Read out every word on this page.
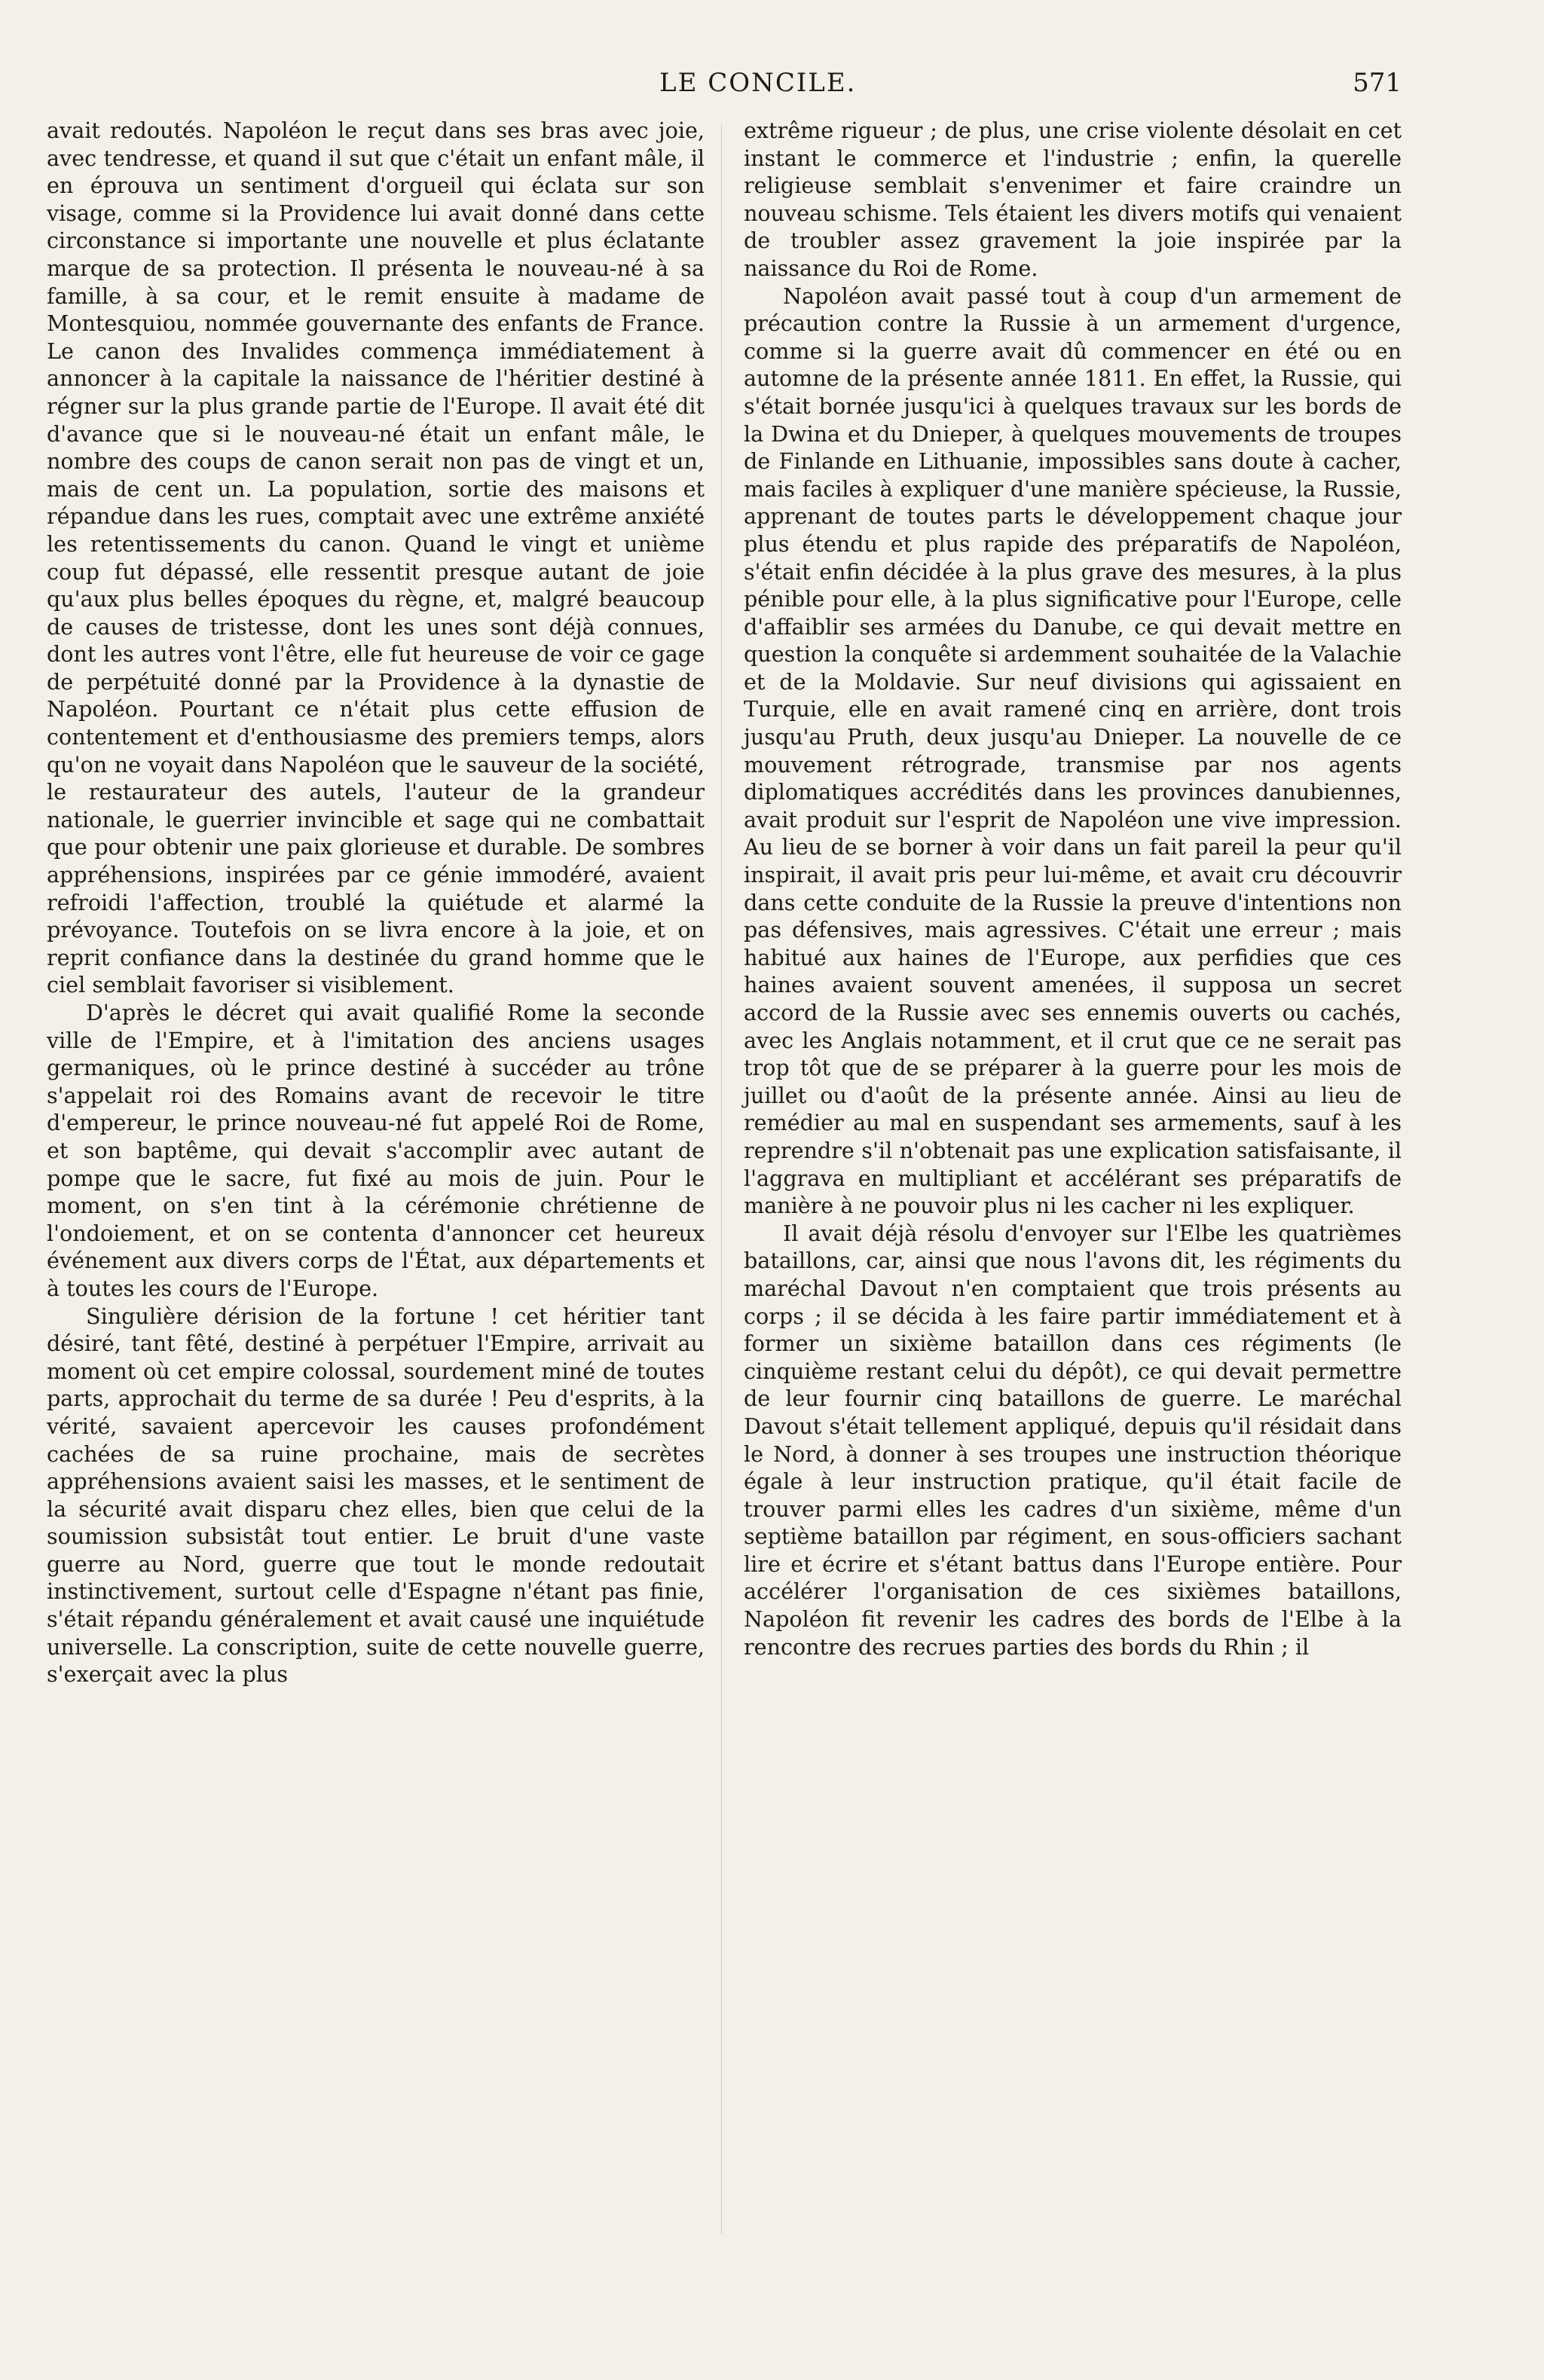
LE CONCILE.	571

avait redoutés. Napoléon le reçut dans ses bras avec joie, avec tendresse, et quand il sut que c'était un enfant mâle, il en éprouva un sentiment d'orgueil qui éclata sur son visage, comme si la Providence lui avait donné dans cette circonstance si importante une nouvelle et plus éclatante marque de sa protection. Il présenta le nouveau-né à sa famille, à sa cour, et le remit ensuite à madame de Montesquiou, nommée gouvernante des enfants de France. Le canon des Invalides commença immédiatement à annoncer à la capitale la naissance de l'héritier destiné à régner sur la plus grande partie de l'Europe. Il avait été dit d'avance que si le nouveau-né était un enfant mâle, le nombre des coups de canon serait non pas de vingt et un, mais de cent un. La population, sortie des maisons et répandue dans les rues, comptait avec une extrême anxiété les retentissements du canon. Quand le vingt et unième coup fut dépassé, elle ressentit presque autant de joie qu'aux plus belles époques du règne, et, malgré beaucoup de causes de tristesse, dont les unes sont déjà connues, dont les autres vont l'être, elle fut heureuse de voir ce gage de perpétuité donné par la Providence à la dynastie de Napoléon. Pourtant ce n'était plus cette effusion de contentement et d'enthousiasme des premiers temps, alors qu'on ne voyait dans Napoléon que le sauveur de la société, le restaurateur des autels, l'auteur de la grandeur nationale, le guerrier invincible et sage qui ne combattait que pour obtenir une paix glorieuse et durable. De sombres appréhensions, inspirées par ce génie immodéré, avaient refroidi l'affection, troublé la quiétude et alarmé la prévoyance. Toutefois on se livra encore à la joie, et on reprit confiance dans la destinée du grand homme que le ciel semblait favoriser si visiblement.

D'après le décret qui avait qualifié Rome la seconde ville de l'Empire, et à l'imitation des anciens usages germaniques, où le prince destiné à succéder au trône s'appelait roi des Romains avant de recevoir le titre d'empereur, le prince nouveau-né fut appelé Roi de Rome, et son baptême, qui devait s'accomplir avec autant de pompe que le sacre, fut fixé au mois de juin. Pour le moment, on s'en tint à la cérémonie chrétienne de l'ondoiement, et on se contenta d'annoncer cet heureux événement aux divers corps de l'État, aux départements et à toutes les cours de l'Europe.

Singulière dérision de la fortune ! cet héritier tant désiré, tant fêté, destiné à perpétuer l'Empire, arrivait au moment où cet empire colossal, sourdement miné de toutes parts, approchait du terme de sa durée ! Peu d'esprits, à la vérité, savaient apercevoir les causes profondément cachées de sa ruine prochaine, mais de secrètes appréhensions avaient saisi les masses, et le sentiment de la sécurité avait disparu chez elles, bien que celui de la soumission subsistât tout entier. Le bruit d'une vaste guerre au Nord, guerre que tout le monde redoutait instinctivement, surtout celle d'Espagne n'étant pas finie, s'était répandu généralement et avait causé une inquiétude universelle. La conscription, suite de cette nouvelle guerre, s'exerçait avec la plus

extrême rigueur ; de plus, une crise violente désolait en cet instant le commerce et l'industrie ; enfin, la querelle religieuse semblait s'envenimer et faire craindre un nouveau schisme. Tels étaient les divers motifs qui venaient de troubler assez gravement la joie inspirée par la naissance du Roi de Rome.

Napoléon avait passé tout à coup d'un armement de précaution contre la Russie à un armement d'urgence, comme si la guerre avait dû commencer en été ou en automne de la présente année 1811. En effet, la Russie, qui s'était bornée jusqu'ici à quelques travaux sur les bords de la Dwina et du Dnieper, à quelques mouvements de troupes de Finlande en Lithuanie, impossibles sans doute à cacher, mais faciles à expliquer d'une manière spécieuse, la Russie, apprenant de toutes parts le développement chaque jour plus étendu et plus rapide des préparatifs de Napoléon, s'était enfin décidée à la plus grave des mesures, à la plus pénible pour elle, à la plus significative pour l'Europe, celle d'affaiblir ses armées du Danube, ce qui devait mettre en question la conquête si ardemment souhaitée de la Valachie et de la Moldavie. Sur neuf divisions qui agissaient en Turquie, elle en avait ramené cinq en arrière, dont trois jusqu'au Pruth, deux jusqu'au Dnieper. La nouvelle de ce mouvement rétrograde, transmise par nos agents diplomatiques accrédités dans les provinces danubiennes, avait produit sur l'esprit de Napoléon une vive impression. Au lieu de se borner à voir dans un fait pareil la peur qu'il inspirait, il avait pris peur lui-même, et avait cru découvrir dans cette conduite de la Russie la preuve d'intentions non pas défensives, mais agressives. C'était une erreur ; mais habitué aux haines de l'Europe, aux perfidies que ces haines avaient souvent amenées, il supposa un secret accord de la Russie avec ses ennemis ouverts ou cachés, avec les Anglais notamment, et il crut que ce ne serait pas trop tôt que de se préparer à la guerre pour les mois de juillet ou d'août de la présente année. Ainsi au lieu de remédier au mal en suspendant ses armements, sauf à les reprendre s'il n'obtenait pas une explication satisfaisante, il l'aggrava en multipliant et accélérant ses préparatifs de manière à ne pouvoir plus ni les cacher ni les expliquer.

Il avait déjà résolu d'envoyer sur l'Elbe les quatrièmes bataillons, car, ainsi que nous l'avons dit, les régiments du maréchal Davout n'en comptaient que trois présents au corps ; il se décida à les faire partir immédiatement et à former un sixième bataillon dans ces régiments (le cinquième restant celui du dépôt), ce qui devait permettre de leur fournir cinq bataillons de guerre. Le maréchal Davout s'était tellement appliqué, depuis qu'il résidait dans le Nord, à donner à ses troupes une instruction théorique égale à leur instruction pratique, qu'il était facile de trouver parmi elles les cadres d'un sixième, même d'un septième bataillon par régiment, en sous-officiers sachant lire et écrire et s'étant battus dans l'Europe entière. Pour accélérer l'organisation de ces sixièmes bataillons, Napoléon fit revenir les cadres des bords de l'Elbe à la rencontre des recrues parties des bords du Rhin ; il
